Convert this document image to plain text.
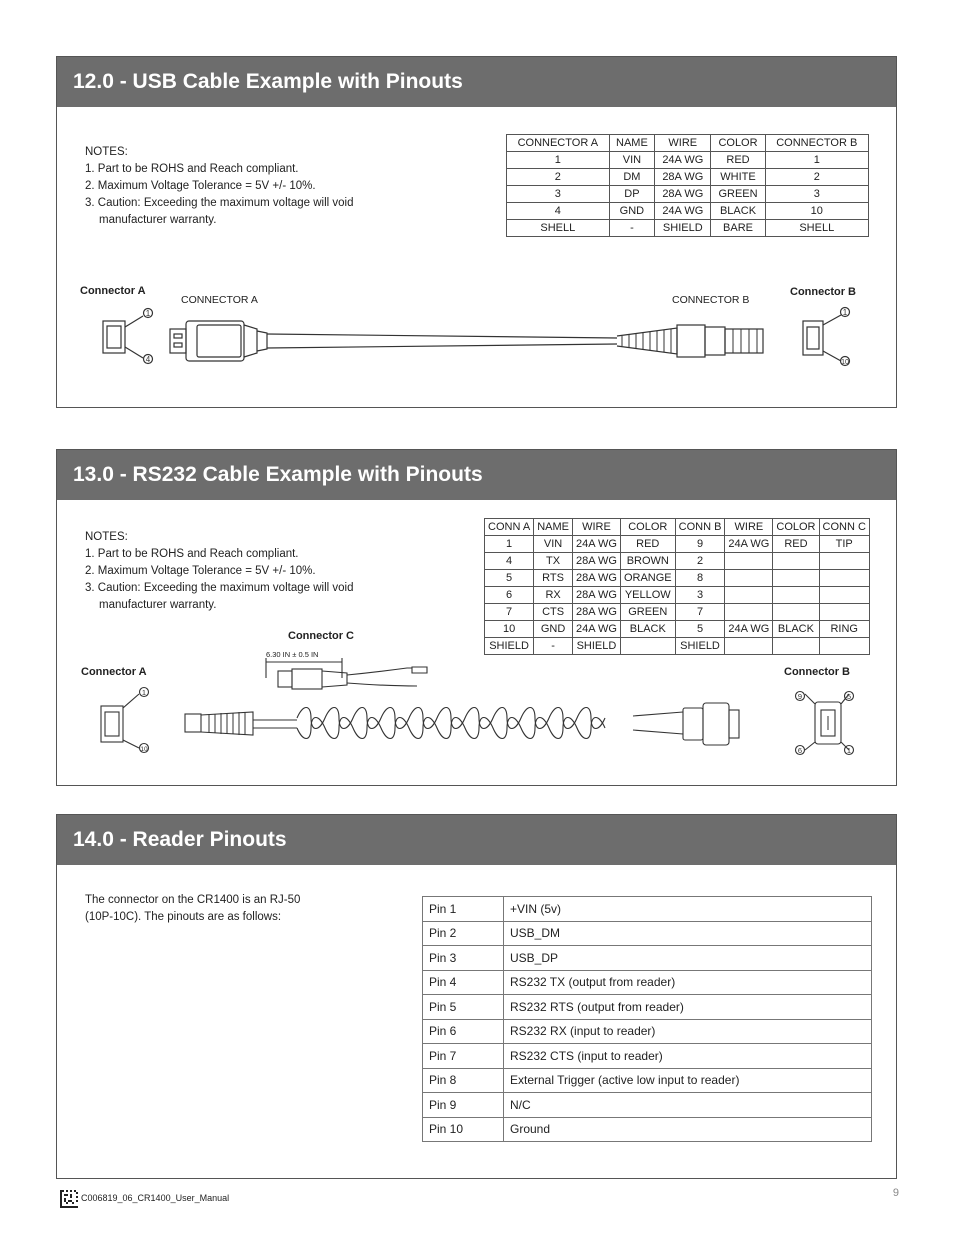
12.0 - USB Cable Example with Pinouts
NOTES:
1. Part to be ROHS and Reach compliant.
2. Maximum Voltage Tolerance = 5V +/- 10%.
3. Caution: Exceeding the maximum voltage will void
manufacturer warranty.
CONNECTOR A	NAME	WIRE	COLOR	CONNECTOR B
1	VIN	24A WG	RED	1
2	DM	28A WG	WHITE	2
3	DP	28A WG	GREEN	3
4	GND	24A WG	BLACK	10
SHELL	-	SHIELD	BARE	SHELL
Connector A
CONNECTOR A	CONNECTOR B
Connector B
1
4
1
10
13.0 - RS232 Cable Example with Pinouts
NOTES:
1. Part to be ROHS and Reach compliant.
2. Maximum Voltage Tolerance = 5V +/- 10%.
3. Caution: Exceeding the maximum voltage will void
manufacturer warranty.
CONN A	NAME	WIRE	COLOR	CONN B	WIRE	COLOR	CONN C
1	VIN	24A WG	RED	9	24A WG	RED	TIP
4	TX	28A WG	BROWN	2			
5	RTS	28A WG	ORANGE	8			
6	RX	28A WG	YELLOW	3			
7	CTS	28A WG	GREEN	7			
10	GND	24A WG	BLACK	5	24A WG	BLACK	RING
SHIELD	-	SHIELD		SHIELD			
Connector C
6.30 IN ± 0.5 IN
Connector A	Connector B
1
10
9	5
6	1
14.0 - Reader Pinouts
The connector on the CR1400 is an RJ-50
(10P-10C). The pinouts are as follows:
Pin 1	+VIN (5v)
Pin 2	USB_DM
Pin 3	USB_DP
Pin 4	RS232 TX (output from reader)
Pin 5	RS232 RTS (output from reader)
Pin 6	RS232 RX (input to reader)
Pin 7	RS232 CTS (input to reader)
Pin 8	External Trigger (active low input to reader)
Pin 9	N/C
Pin 10	Ground
C006819_06_CR1400_User_Manual	9
